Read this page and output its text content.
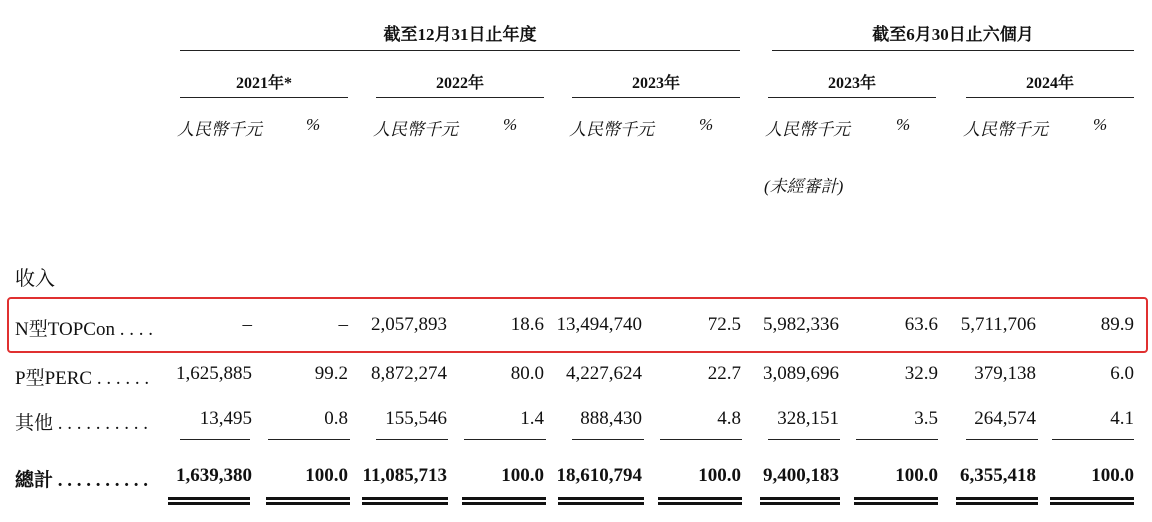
截至12月31日止年度	截至6月30日止六個月
2021年*	2022年	2023年	2023年	2024年
人民幣千元	%	人民幣千元	%	人民幣千元	%	人民幣千元	%	人民幣千元	%
(未經審計)
收入
N型TOPCon . . . .	–	– 2,057,893	18.6 13,494,740	72.5 5,982,336	63.6 5,711,706	89.9
P型PERC . . . . . . 1,625,885	99.2 8,872,274	80.0 4,227,624	22.7 3,089,696	32.9 379,138	6.0
其他 . . . . . . . . . .	13,495	0.8 155,546	1.4 888,430	4.8 328,151	3.5 264,574	4.1
總計 . . . . . . . . . . 1,639,380	100.0 11,085,713	100.0 18,610,794	100.0 9,400,183	100.0 6,355,418	100.0
